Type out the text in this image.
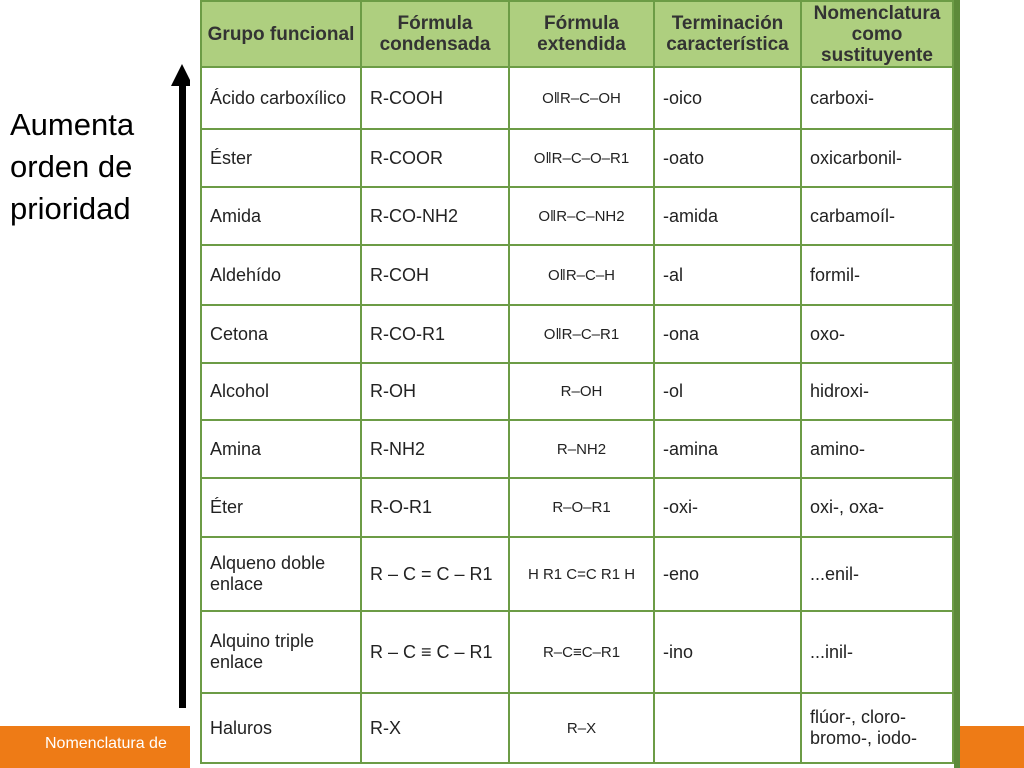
Nomenclatura de
Aumenta orden de prioridad
Grupo funcional	Fórmula condensada	Fórmula extendida	Terminación característica	Nomenclatura como sustituyente
Ácido carboxílico	R-COOH	O‖R–C–OH	-oico	carboxi-
Éster	R-COOR	O‖R–C–O–R1	-oato	oxicarbonil-
Amida	R-CO-NH2	O‖R–C–NH2	-amida	carbamoíl-
Aldehído	R-COH	O‖R–C–H	-al	formil-
Cetona	R-CO-R1	O‖R–C–R1	-ona	oxo-
Alcohol	R-OH	R–OH	-ol	hidroxi-
Amina	R-NH2	R–NH2	-amina	amino-
Éter	R-O-R1	R–O–R1	-oxi-	oxi-, oxa-
Alqueno doble enlace	R – C = C – R1	H R1 C=C R1 H	-eno	...enil-
Alquino triple enlace	R – C ≡ C – R1	R–C≡C–R1	-ino	...inil-
Haluros	R-X	R–X		flúor-, cloro- bromo-, iodo-
